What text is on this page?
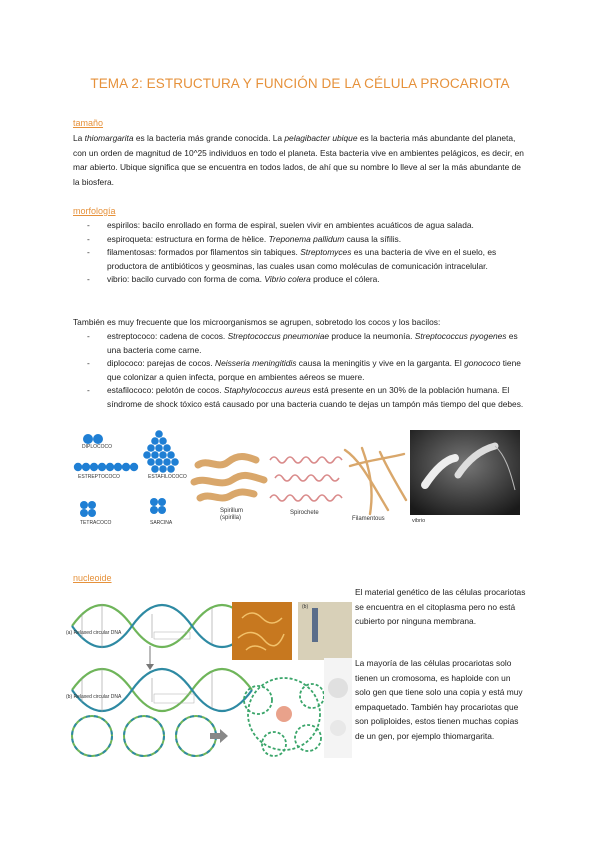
TEMA 2: ESTRUCTURA Y FUNCIÓN DE LA CÉLULA PROCARIOTA
tamaño
La thiomargarita es la bacteria más grande conocida. La pelagibacter ubique es la bacteria más abundante del planeta, con un orden de magnitud de 10^25 individuos en todo el planeta. Esta bacteria vive en ambientes pelágicos, es decir, en mar abierto. Ubique significa que se encuentra en todos lados, de ahí que su nombre lo lleve al ser la más abundante de la biosfera.
morfología
- espirilos: bacilo enrollado en forma de espiral, suelen vivir en ambientes acuáticos de agua salada.
- espiroqueta: estructura en forma de hèlice. Treponema pallidum causa la sífilis.
- filamentosas: formados por filamentos sin tabiques. Streptomyces es una bacteria de vive en el suelo, es productora de antibióticos y geosminas, las cuales usan como moléculas de comunicación intracelular.
- vibrio: bacilo curvado con forma de coma. Vibrio colera produce el cólera.
También es muy frecuente que los microorganismos se agrupen, sobretodo los cocos y los bacilos:
- estreptococo: cadena de cocos. Streptococcus pneumoniae produce la neumonía. Streptococcus pyogenes es una bacteria come carne.
- diplococo: parejas de cocos. Neisseria meningitidis causa la meningitis y vive en la garganta. El gonococo tiene que colonizar a quien infecta, porque en ambientes aéreos se muere.
- estafilococo: pelotón de cocos. Staphylococcus aureus está presente en un 30% de la población humana. El síndrome de shock tóxico está causado por una bacteria cuando te dejas un tampón más tiempo del que debes.
DIPLOCOCO
ESTREPTOCOCO
TETRACOCO
ESTAFILOCOCO
SARCINA
Spirillum
(spirilla)
Spirochete
Filamentous	vibrio
nucleoide
(a) Relaxed circular DNA
(b) Relaxed circular DNA
(b)
El material genético de las células procariotas se encuentra en el citoplasma pero no está cubierto por ninguna membrana.
La mayoría de las células procariotas solo tienen un cromosoma, es haploide con un solo gen que tiene solo una copia y está muy empaquetado. También hay procariotas que son poliploides, estos tienen muchas copias de un gen, por ejemplo thiomargarita.
